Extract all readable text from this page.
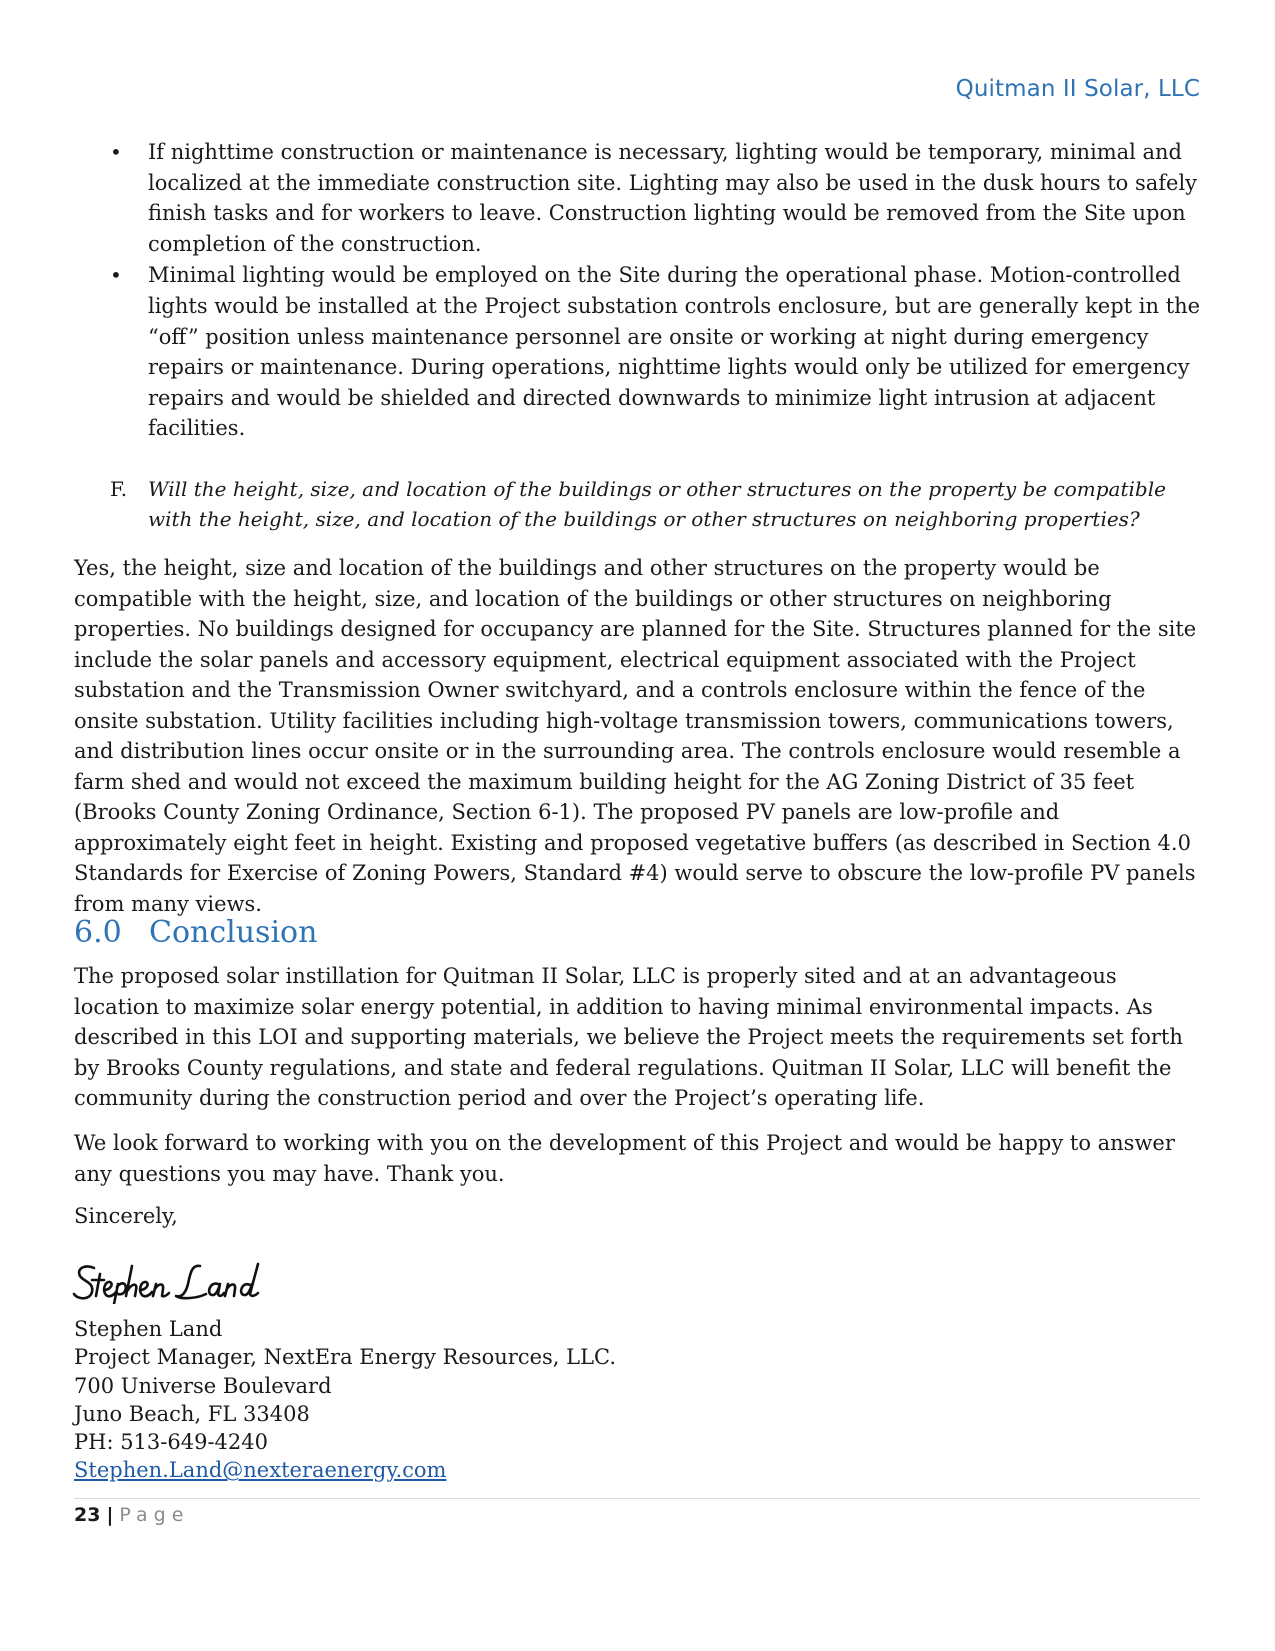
Quitman II Solar, LLC

• If nighttime construction or maintenance is necessary, lighting would be temporary, minimal and localized at the immediate construction site. Lighting may also be used in the dusk hours to safely finish tasks and for workers to leave. Construction lighting would be removed from the Site upon completion of the construction.

• Minimal lighting would be employed on the Site during the operational phase. Motion-controlled lights would be installed at the Project substation controls enclosure, but are generally kept in the “off” position unless maintenance personnel are onsite or working at night during emergency repairs or maintenance. During operations, nighttime lights would only be utilized for emergency repairs and would be shielded and directed downwards to minimize light intrusion at adjacent facilities.

F. Will the height, size, and location of the buildings or other structures on the property be compatible with the height, size, and location of the buildings or other structures on neighboring properties?
Yes, the height, size and location of the buildings and other structures on the property would be compatible with the height, size, and location of the buildings or other structures on neighboring properties. No buildings designed for occupancy are planned for the Site. Structures planned for the site include the solar panels and accessory equipment, electrical equipment associated with the Project substation and the Transmission Owner switchyard, and a controls enclosure within the fence of the onsite substation. Utility facilities including high-voltage transmission towers, communications towers, and distribution lines occur onsite or in the surrounding area. The controls enclosure would resemble a farm shed and would not exceed the maximum building height for the AG Zoning District of 35 feet (Brooks County Zoning Ordinance, Section 6-1). The proposed PV panels are low-profile and approximately eight feet in height. Existing and proposed vegetative buffers (as described in Section 4.0 Standards for Exercise of Zoning Powers, Standard #4) would serve to obscure the low-profile PV panels from many views.
6.0 Conclusion
The proposed solar instillation for Quitman II Solar, LLC is properly sited and at an advantageous location to maximize solar energy potential, in addition to having minimal environmental impacts. As described in this LOI and supporting materials, we believe the Project meets the requirements set forth by Brooks County regulations, and state and federal regulations. Quitman II Solar, LLC will benefit the community during the construction period and over the Project’s operating life.
We look forward to working with you on the development of this Project and would be happy to answer any questions you may have. Thank you.
Sincerely,
Stephen Land
Project Manager, NextEra Energy Resources, LLC.
700 Universe Boulevard
Juno Beach, FL 33408
PH: 513-649-4240
Stephen.Land@nexteraenergy.com
23 | Page
